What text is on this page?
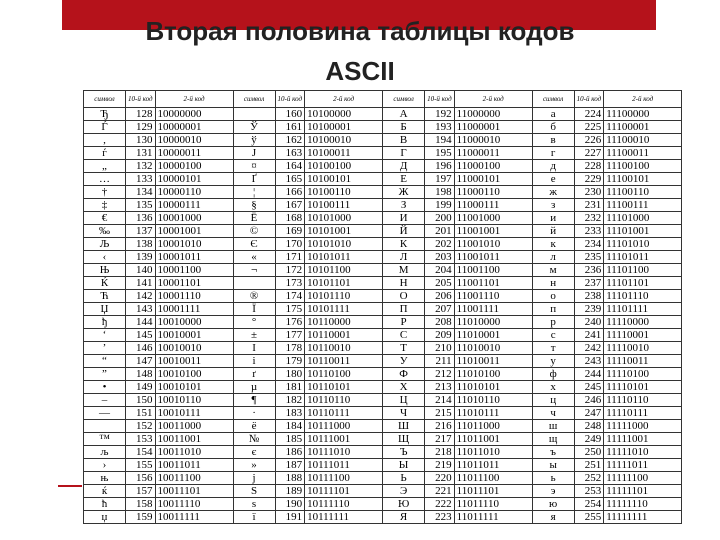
Вторая половина таблицы кодов
ASCII
символ	10-й код	2-й код	символ	10-й код	2-й код	символ	10-й код	2-й код	символ	10-й код	2-й код
Ђ	128	10000000		160	10100000	А	192	11000000	а	224	11100000
Ѓ	129	10000001	Ў	161	10100001	Б	193	11000001	б	225	11100001
‚	130	10000010	ў	162	10100010	В	194	11000010	в	226	11100010
ѓ	131	10000011	Ј	163	10100011	Г	195	11000011	г	227	11100011
„	132	10000100	¤	164	10100100	Д	196	11000100	д	228	11100100
…	133	10000101	Ґ	165	10100101	Е	197	11000101	е	229	11100101
†	134	10000110	¦	166	10100110	Ж	198	11000110	ж	230	11100110
‡	135	10000111	§	167	10100111	З	199	11000111	з	231	11100111
€	136	10001000	Ё	168	10101000	И	200	11001000	и	232	11101000
‰	137	10001001	©	169	10101001	Й	201	11001001	й	233	11101001
Љ	138	10001010	Є	170	10101010	К	202	11001010	к	234	11101010
‹	139	10001011	«	171	10101011	Л	203	11001011	л	235	11101011
Њ	140	10001100	¬	172	10101100	М	204	11001100	м	236	11101100
Ќ	141	10001101		173	10101101	Н	205	11001101	н	237	11101101
Ћ	142	10001110	®	174	10101110	О	206	11001110	о	238	11101110
Џ	143	10001111	Ї	175	10101111	П	207	11001111	п	239	11101111
ђ	144	10010000	°	176	10110000	Р	208	11010000	р	240	11110000
‘	145	10010001	±	177	10110001	С	209	11010001	с	241	11110001
’	146	10010010	І	178	10110010	Т	210	11010010	т	242	11110010
“	147	10010011	і	179	10110011	У	211	11010011	у	243	11110011
”	148	10010100	ґ	180	10110100	Ф	212	11010100	ф	244	11110100
•	149	10010101	µ	181	10110101	Х	213	11010101	х	245	11110101
–	150	10010110	¶	182	10110110	Ц	214	11010110	ц	246	11110110
—	151	10010111	·	183	10110111	Ч	215	11010111	ч	247	11110111
	152	10011000	ё	184	10111000	Ш	216	11011000	ш	248	11111000
™	153	10011001	№	185	10111001	Щ	217	11011001	щ	249	11111001
љ	154	10011010	є	186	10111010	Ъ	218	11011010	ъ	250	11111010
›	155	10011011	»	187	10111011	Ы	219	11011011	ы	251	11111011
њ	156	10011100	ј	188	10111100	Ь	220	11011100	ь	252	11111100
ќ	157	10011101	Ѕ	189	10111101	Э	221	11011101	э	253	11111101
ћ	158	10011110	ѕ	190	10111110	Ю	222	11011110	ю	254	11111110
џ	159	10011111	ї	191	10111111	Я	223	11011111	я	255	11111111
